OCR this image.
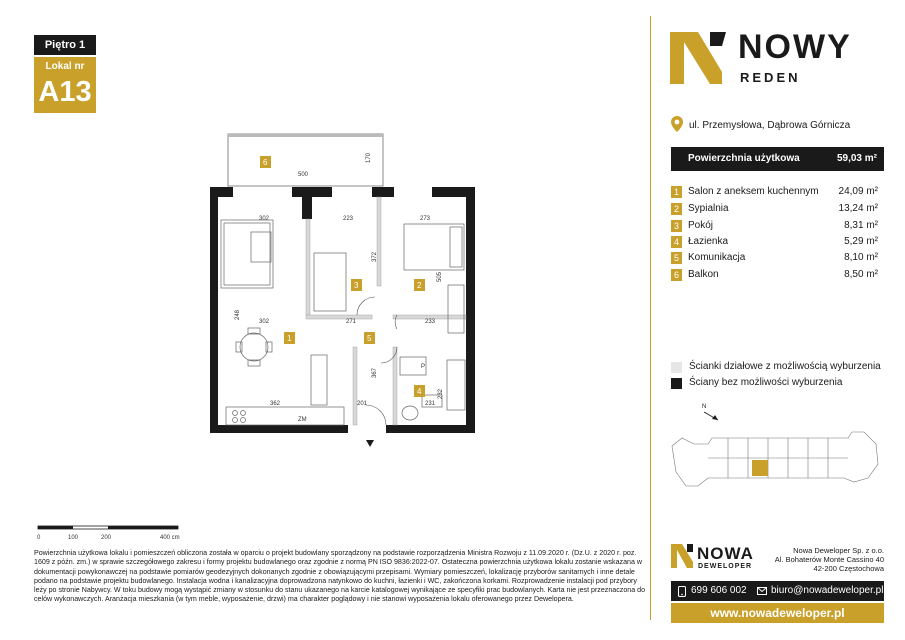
Piętro 1
Lokal nr
A13
500
170
302	223	273
372
505
248
302	271	233
367
362	201
232
231
ZM
P
6
1
2
3
4
5
0	100	200	400 cm
Powierzchnia użytkowa lokalu i pomieszczeń obliczona została w oparciu o projekt budowlany sporządzony na podstawie rozporządzenia Ministra Rozwoju z 11.09.2020 r. (Dz.U. z 2020 r. poz. 1609 z późn. zm.) w sprawie szczegółowego zakresu i formy projektu budowlanego oraz zgodnie z normą PN ISO 9836:2022-07. Ostateczna powierzchnia użytkowa lokalu zostanie wskazana w dokumentacji powykonawczej na podstawie pomiarów geodezyjnych dokonanych zgodnie z obowiązującymi przepisami. Wymiary pomieszczeń, lokalizację przyborów sanitarnych i inne detale podano na podstawie projektu budowlanego. Instalacja wodna i kanalizacyjna doprowadzona natynkowo do kuchni, łazienki i WC, zakończona korkami. Rozprowadzenie instalacji pod przybory leży po stronie Nabywcy. W toku budowy mogą wystąpić zmiany w stosunku do stanu ukazanego na karcie katalogowej wynikające ze specyfiki prac budowlanych. Karta nie jest przeznaczona do celów wykonawczych. Aranżacja mieszkania (w tym meble, wyposażenie, drzwi) ma charakter poglądowy i nie stanowi wyposażenia lokalu oferowanego przez Dewelopera.
NOWY
REDEN
ul. Przemysłowa, Dąbrowa Górnicza
Powierzchnia użytkowa	59,03 m²
1 Salon z aneksem kuchennym 24,09 m²
2 Sypialnia	13,24 m²
3 Pokój	8,31 m²
4 Łazienka	5,29 m²
5 Komunikacja	8,10 m²
6 Balkon	8,50 m²
Ścianki działowe z możliwością wyburzenia
Ściany bez możliwości wyburzenia
N
NOWA
DEWELOPER
Nowa Deweloper Sp. z o.o.
Al. Bohaterów Monte Cassino 40
42-200 Częstochowa
699 606 002 biuro@nowadeweloper.pl
www.nowadeweloper.pl
